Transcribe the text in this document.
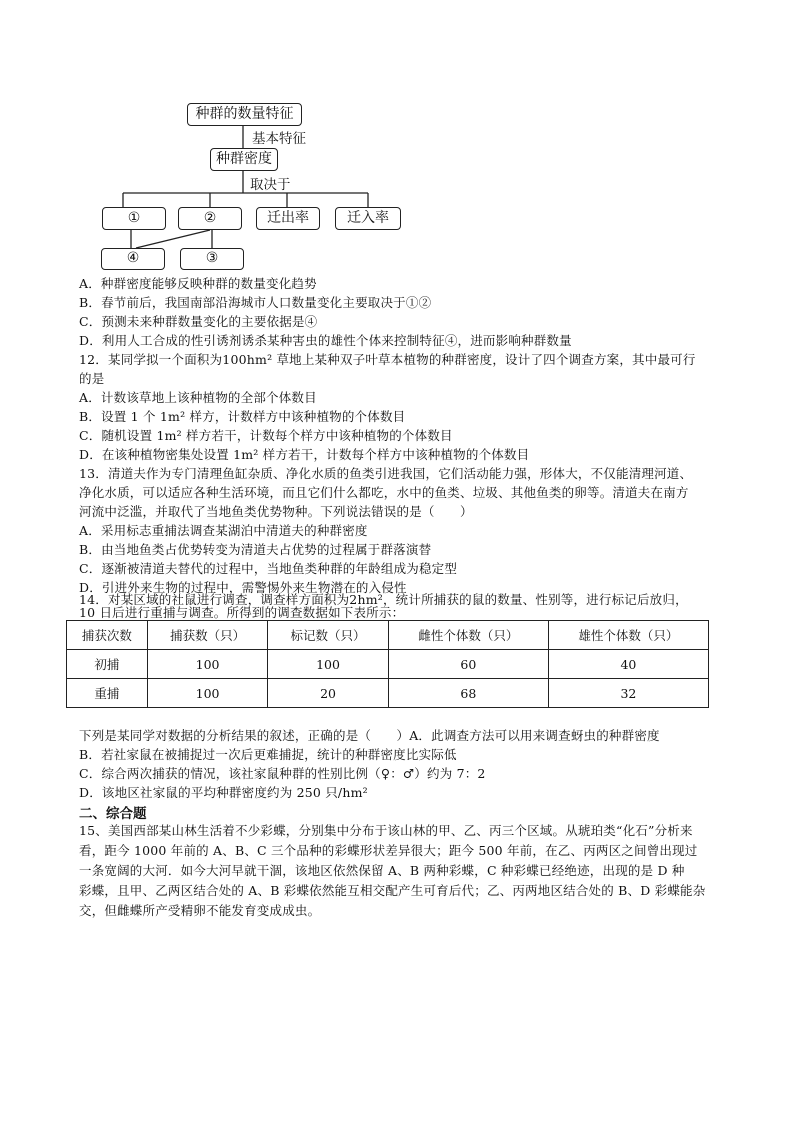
种群的数量特征
基本特征
种群密度
取决于
①	②	迁出率	迁入率
④	③
A．种群密度能够反映种群的数量变化趋势
B．春节前后，我国南部沿海城市人口数量变化主要取决于①②
C．预测未来种群数量变化的主要依据是④
D．利用人工合成的性引诱剂诱杀某种害虫的雄性个体来控制特征④，进而影响种群数量
12．某同学拟一个面积为100hm² 草地上某种双子叶草本植物的种群密度，设计了四个调查方案，其中最可行
的是
A．计数该草地上该种植物的全部个体数目
B．设置 1 个 1m² 样方，计数样方中该种植物的个体数目
C．随机设置 1m² 样方若干，计数每个样方中该种植物的个体数目
D．在该种植物密集处设置 1m² 样方若干，计数每个样方中该种植物的个体数目
13．清道夫作为专门清理鱼缸杂质、净化水质的鱼类引进我国，它们活动能力强，形体大，不仅能清理河道、
净化水质，可以适应各种生活环境，而且它们什么都吃，水中的鱼类、垃圾、其他鱼类的卵等。清道夫在南方
河流中泛滥，并取代了当地鱼类优势物种。下列说法错误的是（　　）
A．采用标志重捕法调查某湖泊中清道夫的种群密度
B．由当地鱼类占优势转变为清道夫占优势的过程属于群落演替
C．逐渐被清道夫替代的过程中，当地鱼类种群的年龄组成为稳定型
D．引进外来生物的过程中，需警惕外来生物潜在的入侵性
14．对某区域的社鼠进行调查，调查样方面积为2hm²，统计所捕获的鼠的数量、性别等，进行标记后放归，
10 日后进行重捕与调查。所得到的调查数据如下表所示：
捕获次数	捕获数（只）	标记数（只）	雌性个体数（只）	雄性个体数（只）
初捕	100	100	60	40
重捕	100	20	68	32
下列是某同学对数据的分析结果的叙述，正确的是（　　）A．此调查方法可以用来调查蚜虫的种群密度
B．若社家鼠在被捕捉过一次后更难捕捉，统计的种群密度比实际低
C．综合两次捕获的情况，该社家鼠种群的性别比例（♀：♂）约为 7：2
D．该地区社家鼠的平均种群密度约为 250 只/hm²
二、综合题
15、美国西部某山林生活着不少彩蝶，分别集中分布于该山林的甲、乙、丙三个区域。从琥珀类“化石”分析来
看，距今 1000 年前的 A、B、C 三个品种的彩蝶形状差异很大；距今 500 年前，在乙、丙两区之间曾出现过
一条宽阔的大河．如今大河早就干涸，该地区依然保留 A、B 两种彩蝶，C 种彩蝶已经绝迹，出现的是 D 种
彩蝶，且甲、乙两区结合处的 A、B 彩蝶依然能互相交配产生可育后代；乙、丙两地区结合处的 B、D 彩蝶能杂
交，但雌蝶所产受精卵不能发育变成成虫。
